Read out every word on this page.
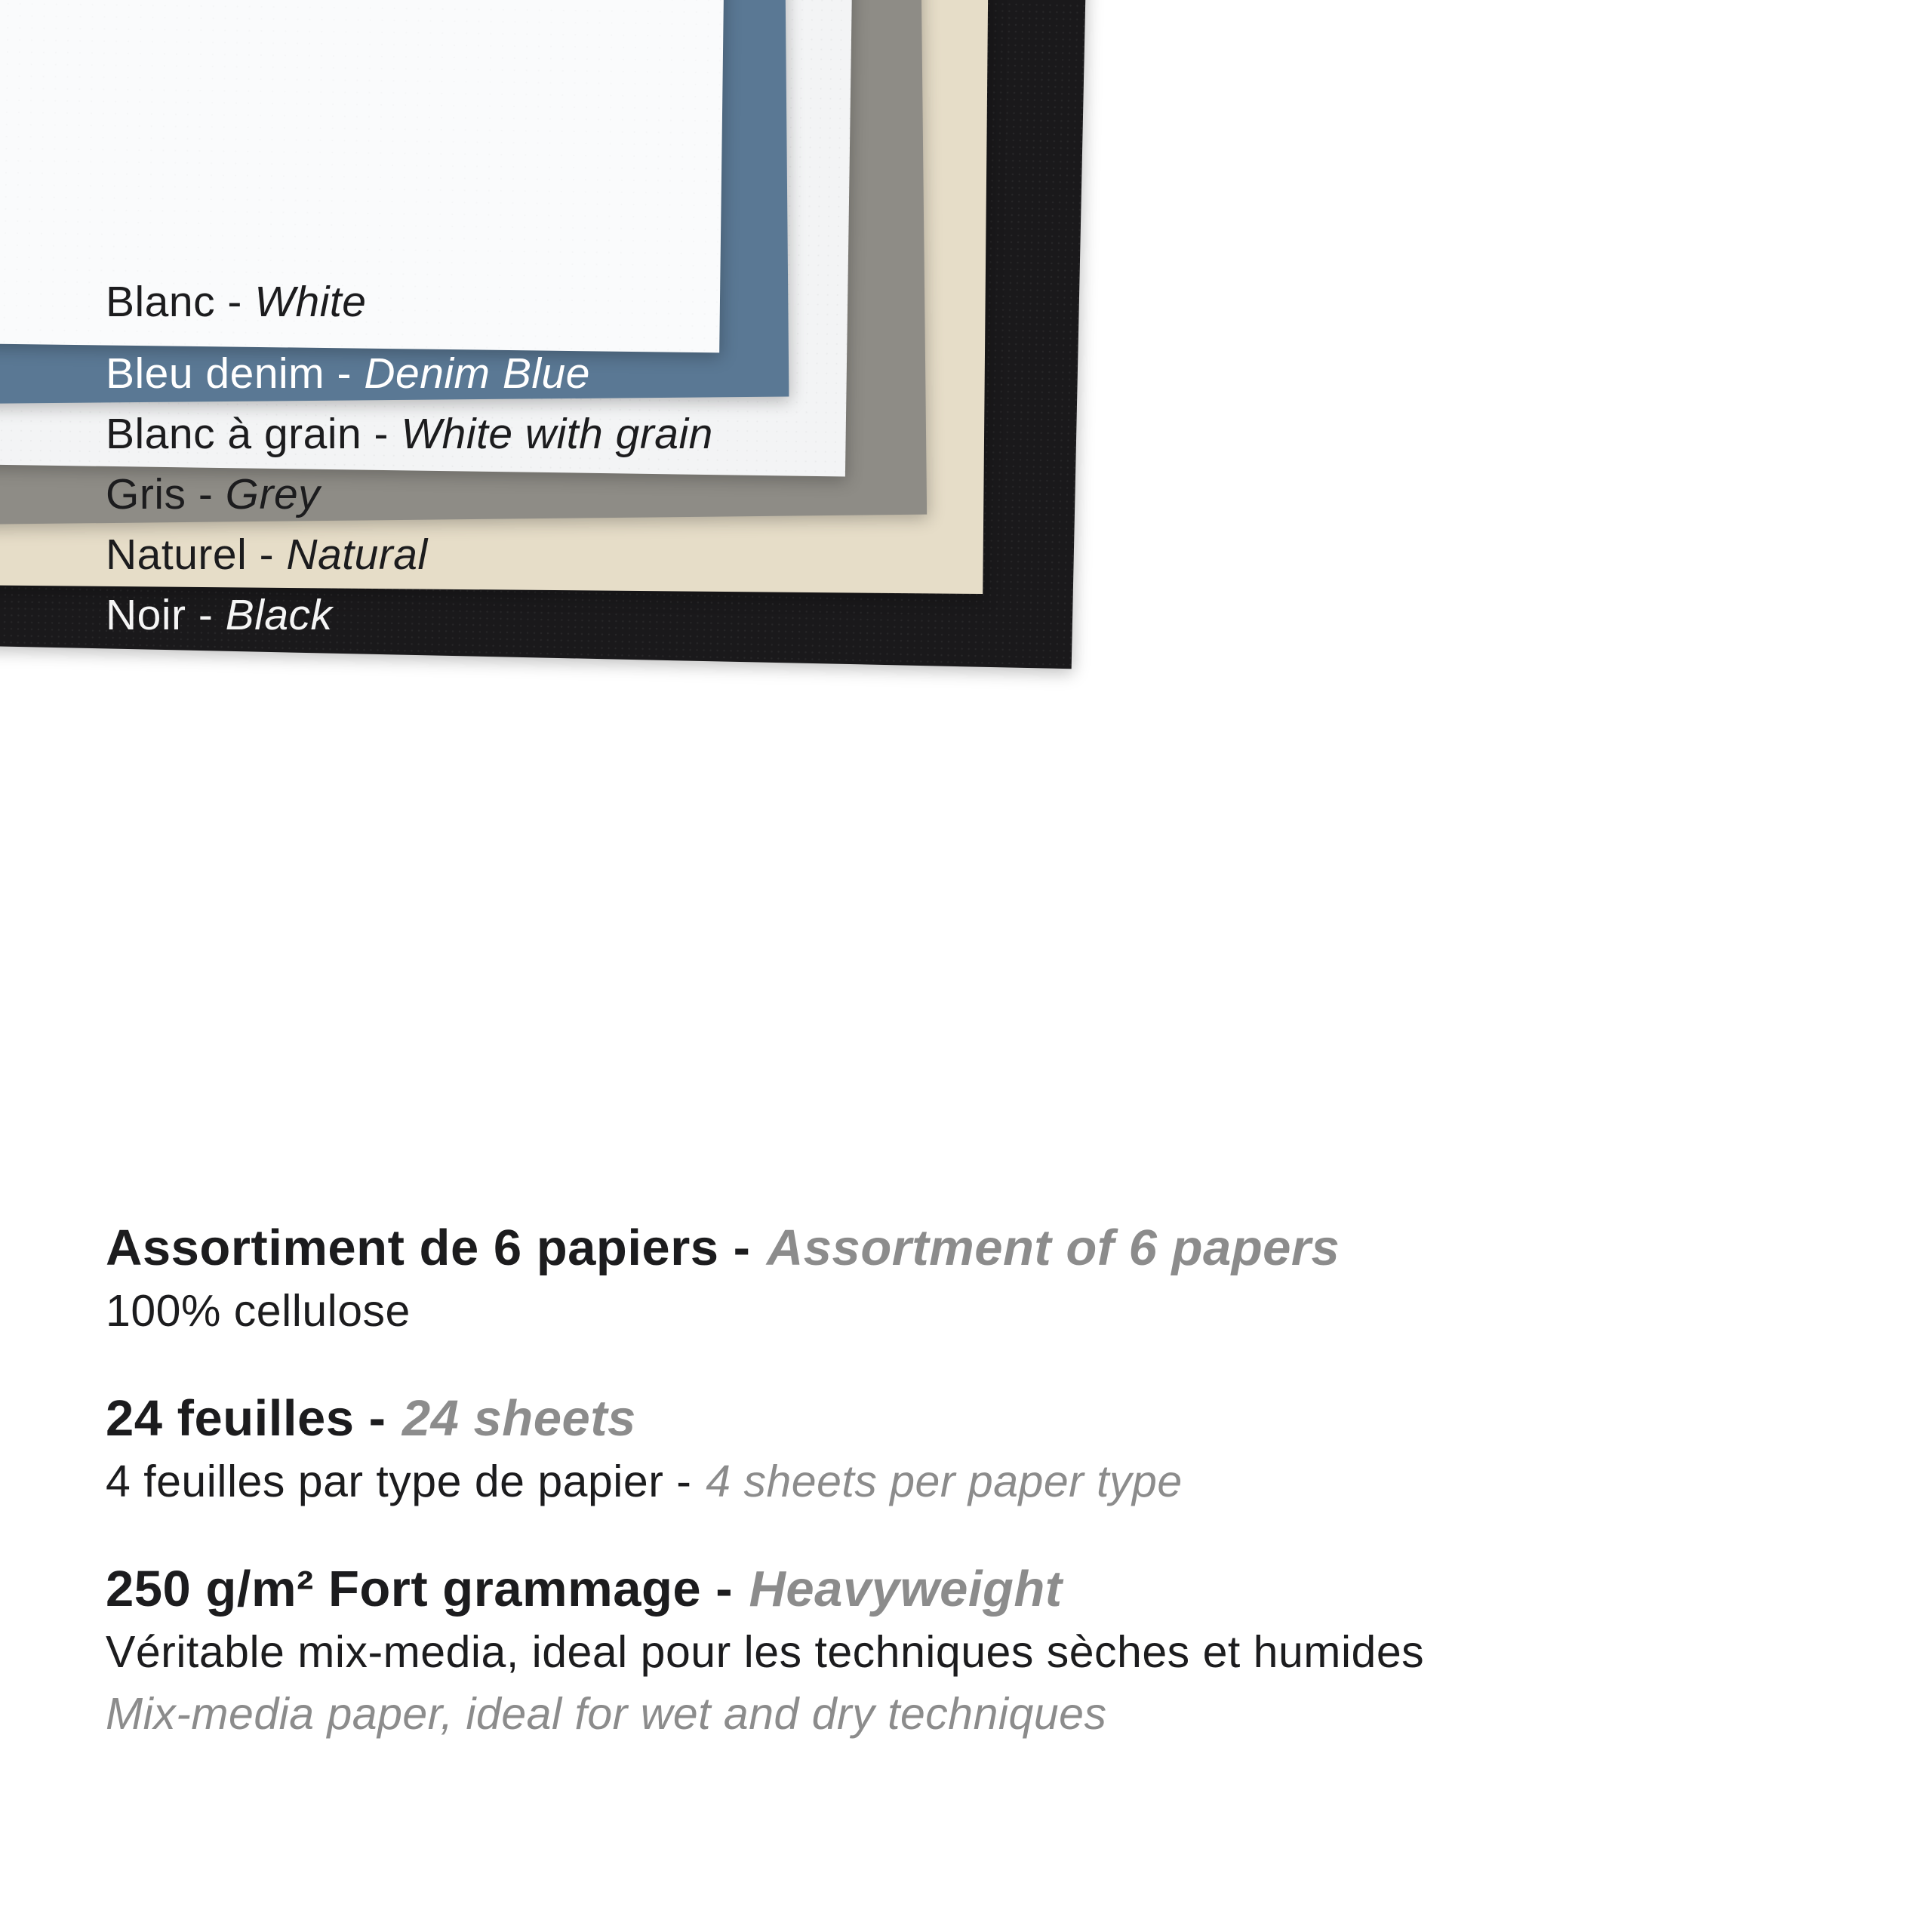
Blanc - White
Bleu denim - Denim Blue
Blanc à grain - White with grain
Gris - Grey
Naturel - Natural
Noir - Black
Assortiment de 6 papiers - Assortment of 6 papers
100% cellulose
24 feuilles - 24 sheets
4 feuilles par type de papier - 4 sheets per paper type
250 g/m² Fort grammage - Heavyweight
Véritable mix-media, ideal pour les techniques sèches et humides
Mix-media paper, ideal for wet and dry techniques
